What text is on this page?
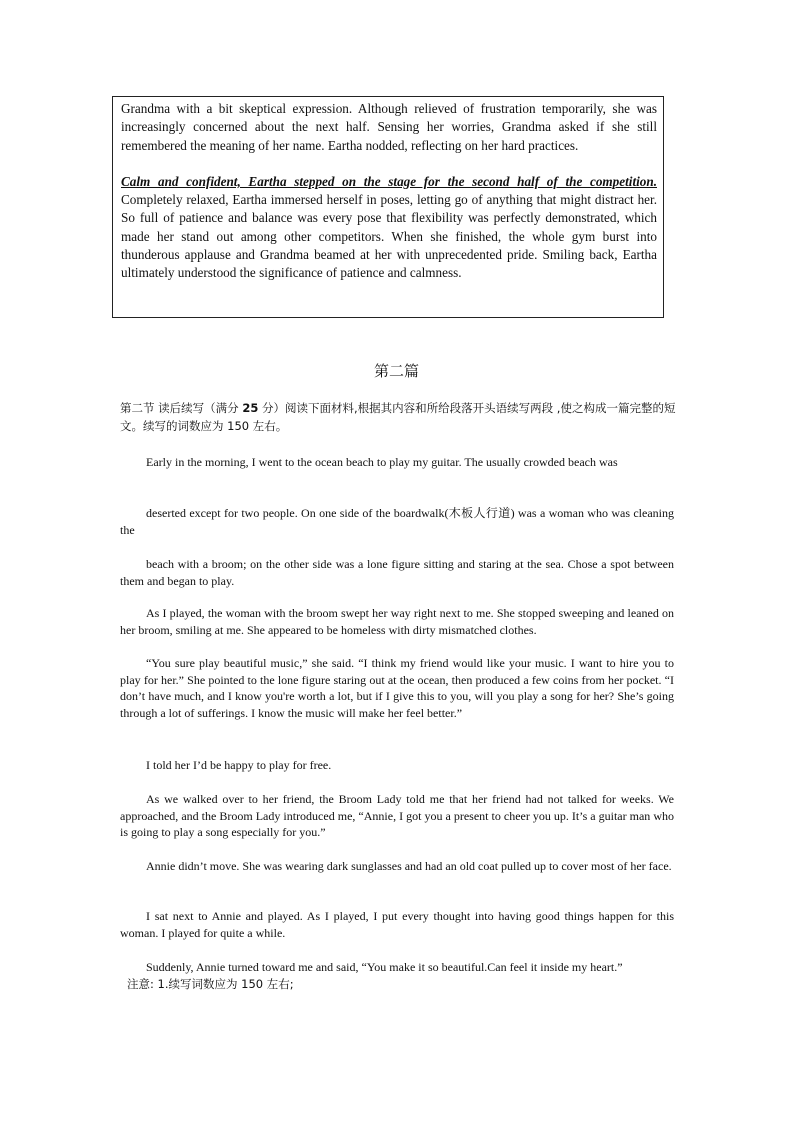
Grandma with a bit skeptical expression. Although relieved of frustration temporarily, she was increasingly concerned about the next half. Sensing her worries, Grandma asked if she still remembered the meaning of her name. Eartha nodded, reflecting on her hard practices.

Calm and confident, Eartha stepped on the stage for the second half of the competition. Completely relaxed, Eartha immersed herself in poses, letting go of anything that might distract her. So full of patience and balance was every pose that flexibility was perfectly demonstrated, which made her stand out among other competitors. When she finished, the whole gym burst into thunderous applause and Grandma beamed at her with unprecedented pride. Smiling back, Eartha ultimately understood the significance of patience and calmness.

第二篇
第二节 读后续写（满分 25 分）阅读下面材料,根据其内容和所给段落开头语续写两段 ,使之构成一篇完整的短文。续写的词数应为 150 左右。
Early in the morning, I went to the ocean beach to play my guitar. The usually crowded beach was
deserted except for two people. On one side of the boardwalk(木板人行道) was a woman who was cleaning the
beach with a broom; on the other side was a lone figure sitting and staring at the sea. Chose a spot between them and began to play.
As I played, the woman with the broom swept her way right next to me. She stopped sweeping and leaned on her broom, smiling at me. She appeared to be homeless with dirty mismatched clothes.
“You sure play beautiful music,” she said. “I think my friend would like your music. I want to hire you to play for her.” She pointed to the lone figure staring out at the ocean, then produced a few coins from her pocket. “I don’t have much, and I know you're worth a lot, but if I give this to you, will you play a song for her? She’s going through a lot of sufferings. I know the music will make her feel better.”
I told her I’d be happy to play for free.
As we walked over to her friend, the Broom Lady told me that her friend had not talked for weeks. We approached, and the Broom Lady introduced me, “Annie, I got you a present to cheer you up. It’s a guitar man who is going to play a song especially for you.”
Annie didn’t move. She was wearing dark sunglasses and had an old coat pulled up to cover most of her face.
I sat next to Annie and played. As I played, I put every thought into having good things happen for this woman. I played for quite a while.
Suddenly, Annie turned toward me and said, “You make it so beautiful.Can feel it inside my heart.”
注意: 1.续写词数应为 150 左右;
